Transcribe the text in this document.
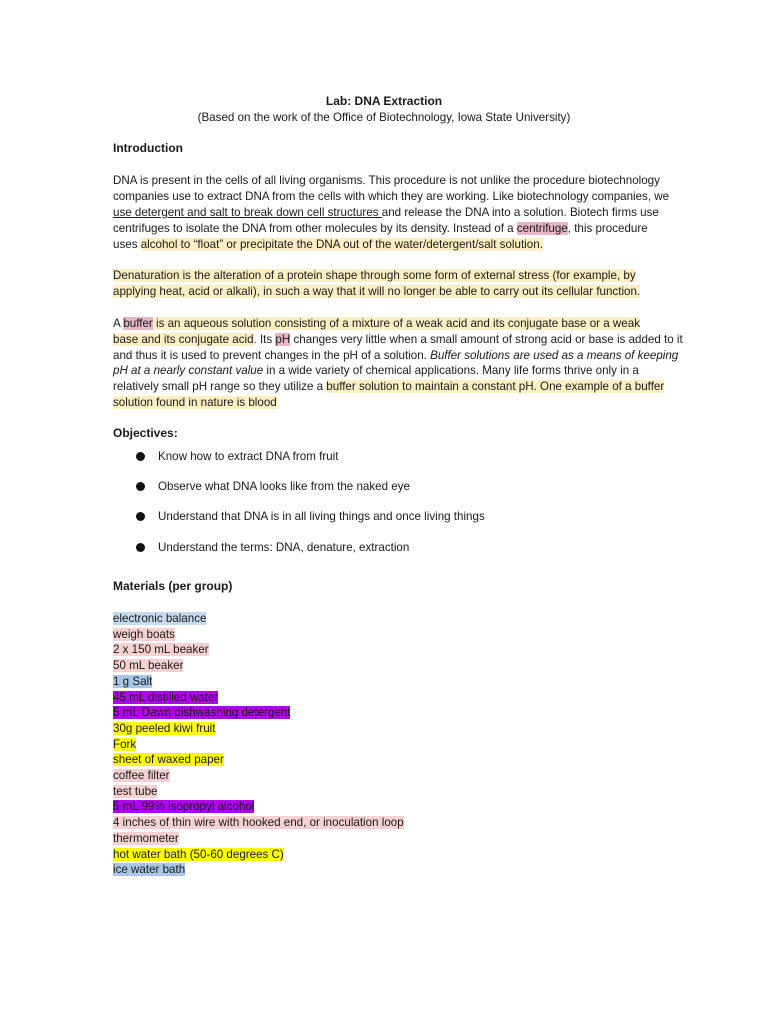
Lab: DNA Extraction
(Based on the work of the Office of Biotechnology, Iowa State University)
Introduction
DNA is present in the cells of all living organisms. This procedure is not unlike the procedure biotechnology
companies use to extract DNA from the cells with which they are working. Like biotechnology companies, we
use detergent and salt to break down cell structures and release the DNA into a solution. Biotech firms use
centrifuges to isolate the DNA from other molecules by its density. Instead of a centrifuge, this procedure
uses alcohol to “float” or precipitate the DNA out of the water/detergent/salt solution.
Denaturation is the alteration of a protein shape through some form of external stress (for example, by
applying heat, acid or alkali), in such a way that it will no longer be able to carry out its cellular function.
A buffer is an aqueous solution consisting of a mixture of a weak acid and its conjugate base or a weak
base and its conjugate acid. Its pH changes very little when a small amount of strong acid or base is added to it
and thus it is used to prevent changes in the pH of a solution. Buffer solutions are used as a means of keeping
pH at a nearly constant value in a wide variety of chemical applications. Many life forms thrive only in a
relatively small pH range so they utilize a buffer solution to maintain a constant pH. One example of a buffer
solution found in nature is blood
Objectives:
Know how to extract DNA from fruit
Observe what DNA looks like from the naked eye
Understand that DNA is in all living things and once living things
Understand the terms: DNA, denature, extraction
Materials (per group)
electronic balance
weigh boats
2 x 150 mL beaker
50 mL beaker
1 g Salt
45 mL distilled water
5 mL Dawn dishwashing detergent
30g peeled kiwi fruit
Fork
sheet of waxed paper
coffee filter
test tube
5 mL 99% isopropyl alcohol
4 inches of thin wire with hooked end, or inoculation loop
thermometer
hot water bath (50-60 degrees C)
ice water bath
